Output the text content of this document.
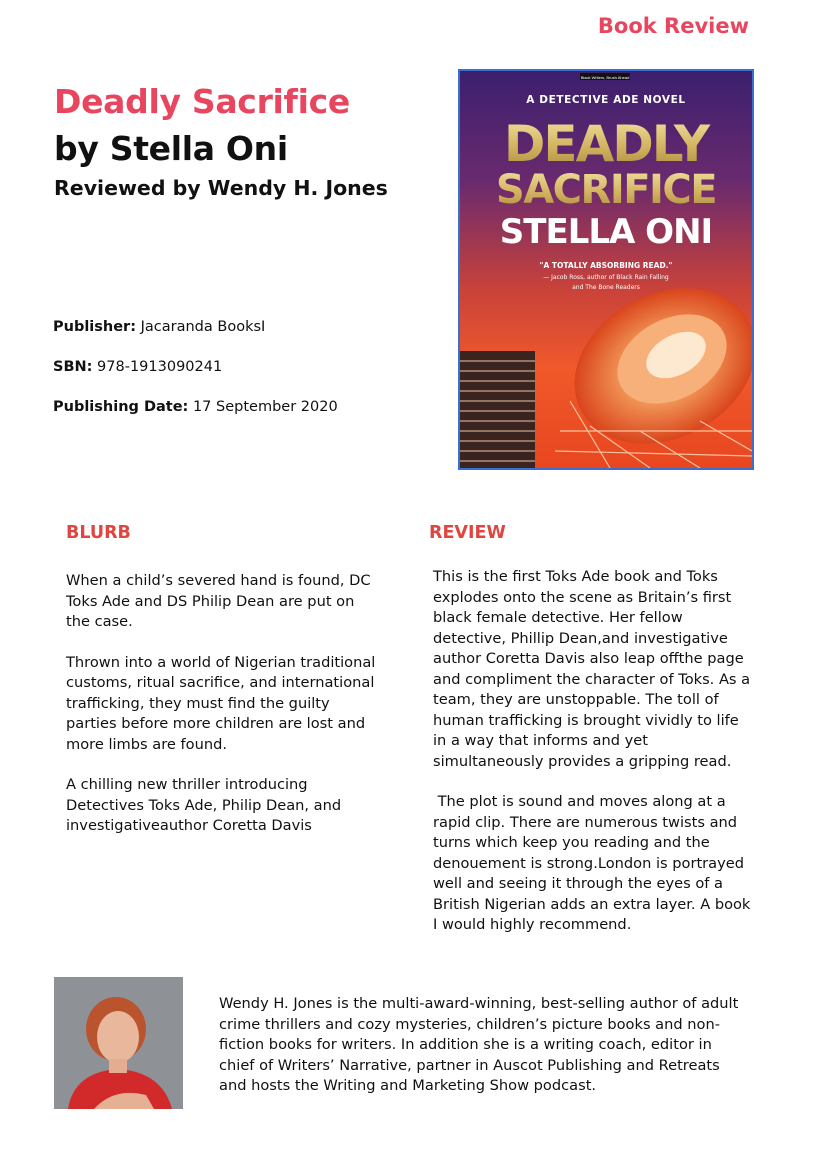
Book Review
Deadly Sacrifice
by Stella Oni
Reviewed by Wendy H. Jones
Publisher: Jacaranda BooksI
SBN: 978-1913090241
Publishing Date: 17 September 2020
Black Writers, Brush Ahead
A DETECTIVE ADE NOVEL
DEADLY
SACRIFICE
STELLA ONI
"A TOTALLY ABSORBING READ."
— Jacob Ross, author of Black Rain Falling
and The Bone Readers
BLURB

When a child’s severed hand is found, DC Toks Ade and DS Philip Dean are put on the case.

Thrown into a world of Nigerian traditional customs, ritual sacrifice, and international trafficking, they must find the guilty parties before more children are lost and more limbs are found.

A chilling new thriller introducing Detectives Toks Ade, Philip Dean, and investigativeauthor Coretta Davis

REVIEW

This is the first Toks Ade book and Toks explodes onto the scene as Britain’s first black female detective. Her fellow detective, Phillip Dean,and investigative author Coretta Davis also leap offthe page and compliment the character of Toks. As a team, they are unstoppable. The toll of human trafficking is brought vividly to life in a way that informs and yet simultaneously provides a gripping read.

The plot is sound and moves along at a rapid clip. There are numerous twists and turns which keep you reading and the denouement is strong.London is portrayed well and seeing it through the eyes of a British Nigerian adds an extra layer. A book I would highly recommend.

Wendy H. Jones is the multi-award-winning, best-selling author of adult crime thrillers and cozy mysteries, children’s picture books and non-fiction books for writers. In addition she is a writing coach, editor in chief of Writers’ Narrative, partner in Auscot Publishing and Retreats and hosts the Writing and Marketing Show podcast.
